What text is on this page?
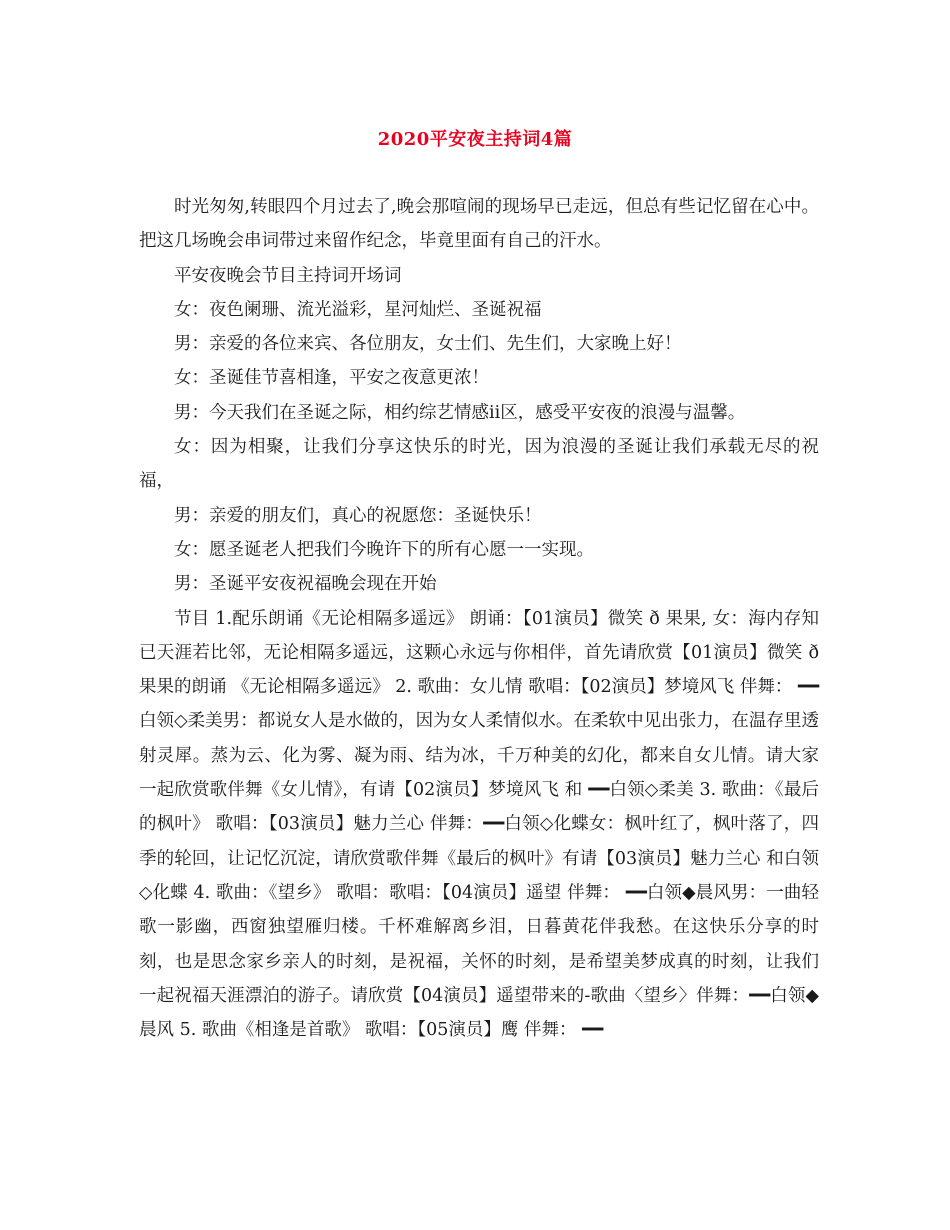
2020平安夜主持词4篇

时光匆匆,转眼四个月过去了,晚会那喧闹的现场早已走远，但总有些记忆留在心中。把这几场晚会串词带过来留作纪念，毕竟里面有自己的汗水。

平安夜晚会节目主持词开场词

女：夜色阑珊、流光溢彩，星河灿烂、圣诞祝福

男：亲爱的各位来宾、各位朋友，女士们、先生们，大家晚上好！

女：圣诞佳节喜相逢，平安之夜意更浓！

男：今天我们在圣诞之际，相约综艺情感ii区，感受平安夜的浪漫与温馨。

女：因为相聚，让我们分享这快乐的时光，因为浪漫的圣诞让我们承载无尽的祝福，

男：亲爱的朋友们，真心的祝愿您：圣诞快乐！

女：愿圣诞老人把我们今晚许下的所有心愿一一实现。

男：圣诞平安夜祝福晚会现在开始

节目 1.配乐朗诵《无论相隔多遥远》 朗诵：【01演员】微笑 ð 果果, 女：海内存知已天涯若比邻，无论相隔多遥远，这颗心永远与你相伴，首先请欣赏【01演员】微笑 ð 果果的朗诵 《无论相隔多遥远》 2. 歌曲：女儿情 歌唱：【02演员】梦境风飞 伴舞： ━━白领◇柔美男：都说女人是水做的，因为女人柔情似水。在柔软中见出张力，在温存里透射灵犀。蒸为云、化为雾、凝为雨、结为冰，千万种美的幻化，都来自女儿情。请大家一起欣赏歌伴舞《女儿情》，有请【02演员】梦境风飞 和 ━━白领◇柔美 3. 歌曲：《最后的枫叶》 歌唱：【03演员】魅力兰心 伴舞：━━白领◇化蝶女：枫叶红了，枫叶落了，四季的轮回，让记忆沉淀，请欣赏歌伴舞《最后的枫叶》有请【03演员】魅力兰心 和白领◇化蝶 4. 歌曲：《望乡》 歌唱：歌唱：【04演员】遥望 伴舞： ━━白领◆晨风男：一曲轻歌一影幽，西窗独望雁归楼。千杯难解离乡泪，日暮黄花伴我愁。在这快乐分享的时刻，也是思念家乡亲人的时刻，是祝福，关怀的时刻，是希望美梦成真的时刻，让我们一起祝福天涯漂泊的游子。请欣赏【04演员】遥望带来的-歌曲〈望乡〉伴舞：━━白领◆晨风 5. 歌曲《相逢是首歌》 歌唱：【05演员】鹰 伴舞： ━━
